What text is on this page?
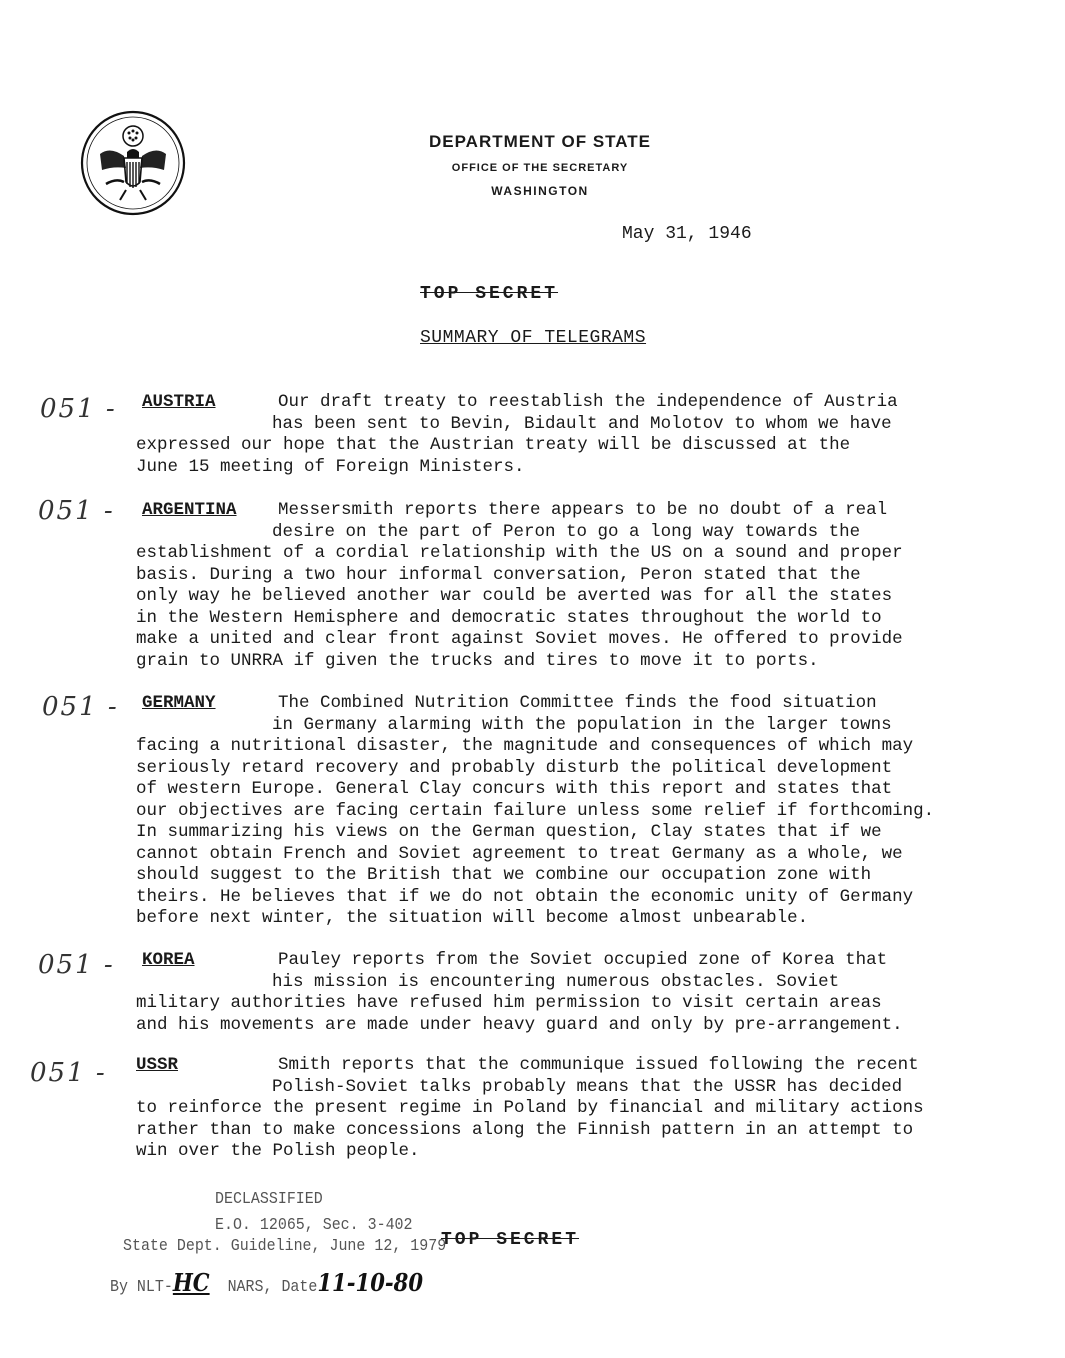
DEPARTMENT OF STATE
OFFICE OF THE SECRETARY
WASHINGTON
May 31, 1946
TOP SECRET
SUMMARY OF TELEGRAMS
051 - AUSTRIA	Our draft treaty to reestablish the independence of Austria
has been sent to Bevin, Bidault and Molotov to whom we have
expressed our hope that the Austrian treaty will be discussed at the
June 15 meeting of Foreign Ministers.
051 - ARGENTINA Messersmith reports there appears to be no doubt of a real
desire on the part of Peron to go a long way towards the
establishment of a cordial relationship with the US on a sound and proper
basis. During a two hour informal conversation, Peron stated that the
only way he believed another war could be averted was for all the states
in the Western Hemisphere and democratic states throughout the world to
make a united and clear front against Soviet moves. He offered to provide
grain to UNRRA if given the trucks and tires to move it to ports.
051 - GERMANY	The Combined Nutrition Committee finds the food situation
in Germany alarming with the population in the larger towns
facing a nutritional disaster, the magnitude and consequences of which may
seriously retard recovery and probably disturb the political development
of western Europe. General Clay concurs with this report and states that
our objectives are facing certain failure unless some relief if forthcoming.
In summarizing his views on the German question, Clay states that if we
cannot obtain French and Soviet agreement to treat Germany as a whole, we
should suggest to the British that we combine our occupation zone with
theirs. He believes that if we do not obtain the economic unity of Germany
before next winter, the situation will become almost unbearable.
051 - KOREA	Pauley reports from the Soviet occupied zone of Korea that
his mission is encountering numerous obstacles. Soviet
military authorities have refused him permission to visit certain areas
and his movements are made under heavy guard and only by pre-arrangement.
051 - USSR	Smith reports that the communique issued following the recent
Polish-Soviet talks probably means that the USSR has decided
to reinforce the present regime in Poland by financial and military actions
rather than to make concessions along the Finnish pattern in an attempt to
win over the Polish people.
DECLASSIFIED
E.O. 12065, Sec. 3-402
State Dept. Guideline, June 12, 1979
TOP SECRET
By NLT-HC NARS, Date11-10-80
